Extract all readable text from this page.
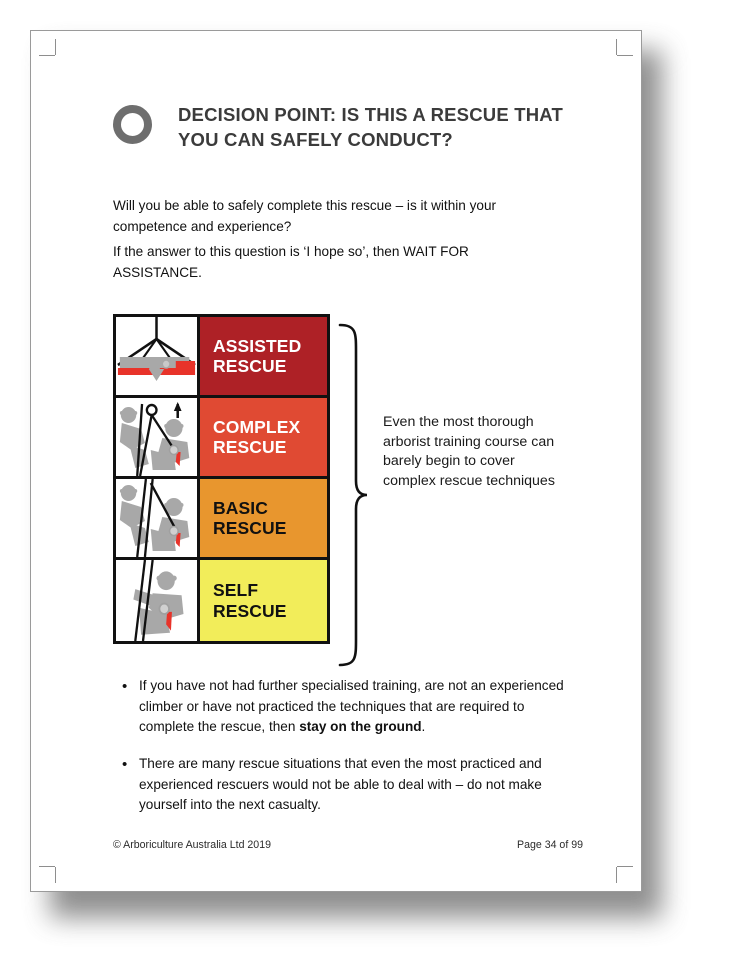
DECISION POINT: IS THIS A RESCUE THAT
YOU CAN SAFELY CONDUCT?
Will you be able to safely complete this rescue – is it within your competence and experience?
If the answer to this question is ‘I hope so’, then WAIT FOR ASSISTANCE.
ASSISTED
RESCUE
COMPLEX
RESCUE
BASIC
RESCUE
SELF
RESCUE
Even the most thorough arborist training course can barely begin to cover complex rescue techniques
• If you have not had further specialised training, are not an experienced climber or have not practiced the techniques that are required to complete the rescue, then stay on the ground.
• There are many rescue situations that even the most practiced and experienced rescuers would not be able to deal with – do not make yourself into the next casualty.
© Arboriculture Australia Ltd 2019	Page 34 of 99
